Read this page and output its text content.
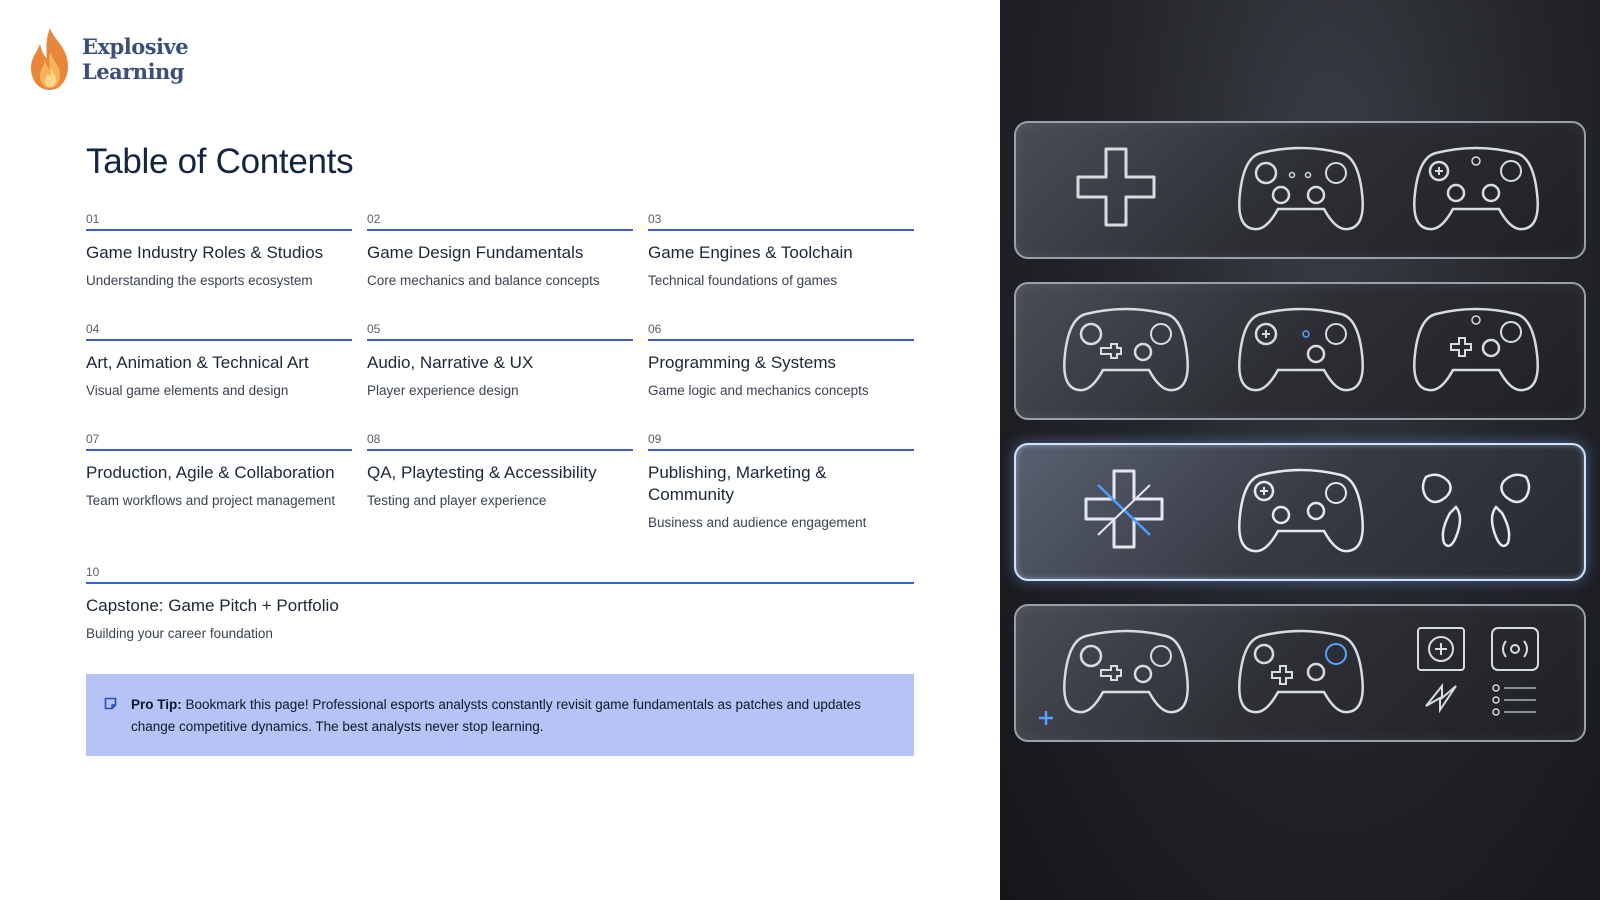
Explosive
Learning
Table of Contents
01
Game Industry Roles & Studios
Understanding the esports ecosystem
02
Game Design Fundamentals
Core mechanics and balance concepts
03
Game Engines & Toolchain
Technical foundations of games
04
Art, Animation & Technical Art
Visual game elements and design
05
Audio, Narrative & UX
Player experience design
06
Programming & Systems
Game logic and mechanics concepts
07
Production, Agile & Collaboration
Team workflows and project management
08
QA, Playtesting & Accessibility
Testing and player experience
09
Publishing, Marketing & Community
Business and audience engagement
10
Capstone: Game Pitch + Portfolio
Building your career foundation
Pro Tip: Bookmark this page! Professional esports analysts constantly revisit game fundamentals as patches and updates change competitive dynamics. The best analysts never stop learning.
